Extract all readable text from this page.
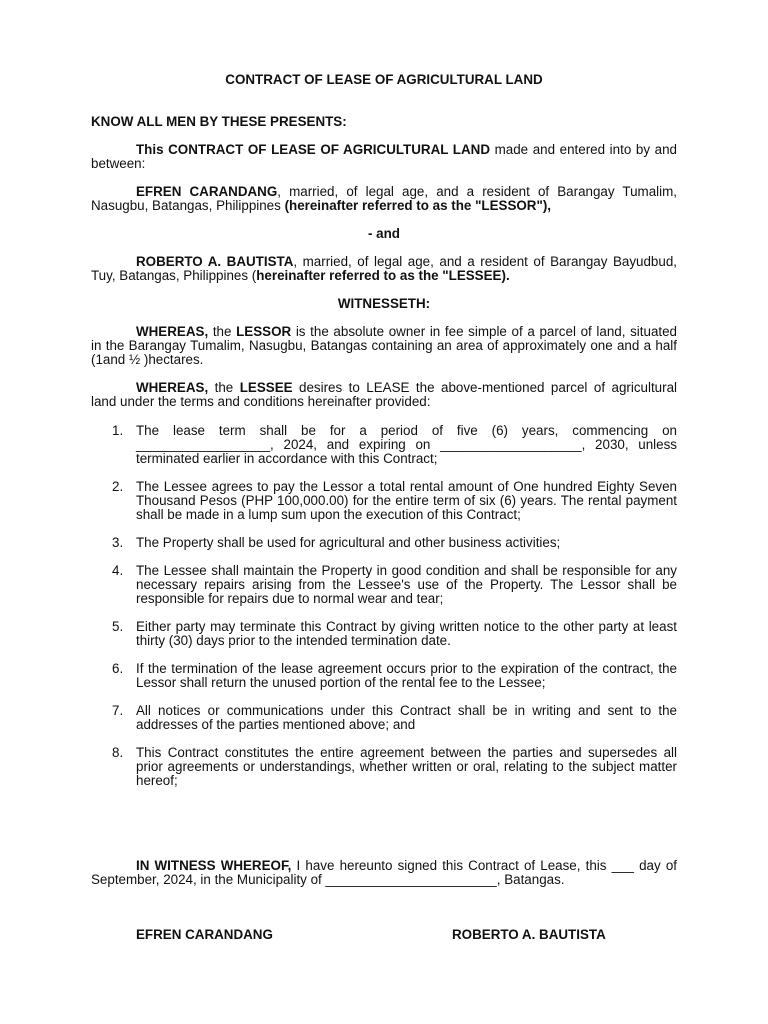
CONTRACT OF LEASE OF AGRICULTURAL LAND
KNOW ALL MEN BY THESE PRESENTS:

This CONTRACT OF LEASE OF AGRICULTURAL LAND made and entered into by and between:

EFREN CARANDANG, married, of legal age, and a resident of Barangay Tumalim, Nasugbu, Batangas, Philippines (hereinafter referred to as the "LESSOR"),

- and

ROBERTO A. BAUTISTA, married, of legal age, and a resident of Barangay Bayudbud, Tuy, Batangas, Philippines (hereinafter referred to as the "LESSEE).

WITNESSETH:

WHEREAS, the LESSOR is the absolute owner in fee simple of a parcel of land, situated in the Barangay Tumalim, Nasugbu, Batangas containing an area of approximately one and a half (1and ½ )hectares.

WHEREAS, the LESSEE desires to LEASE the above-mentioned parcel of agricultural land under the terms and conditions hereinafter provided:

1. The lease term shall be for a period of five (6) years, commencing on __________________, 2024, and expiring on ___________________, 2030, unless terminated earlier in accordance with this Contract;
2. The Lessee agrees to pay the Lessor a total rental amount of One hundred Eighty Seven Thousand Pesos (PHP 100,000.00) for the entire term of six (6) years. The rental payment shall be made in a lump sum upon the execution of this Contract;
3. The Property shall be used for agricultural and other business activities;
4. The Lessee shall maintain the Property in good condition and shall be responsible for any necessary repairs arising from the Lessee's use of the Property. The Lessor shall be responsible for repairs due to normal wear and tear;
5. Either party may terminate this Contract by giving written notice to the other party at least thirty (30) days prior to the intended termination date.
6. If the termination of the lease agreement occurs prior to the expiration of the contract, the Lessor shall return the unused portion of the rental fee to the Lessee;
7. All notices or communications under this Contract shall be in writing and sent to the addresses of the parties mentioned above; and
8. This Contract constitutes the entire agreement between the parties and supersedes all prior agreements or understandings, whether written or oral, relating to the subject matter hereof;

IN WITNESS WHEREOF, I have hereunto signed this Contract of Lease, this ___ day of September, 2024, in the Municipality of _______________________, Batangas.

EFREN CARANDANG	ROBERTO A. BAUTISTA
